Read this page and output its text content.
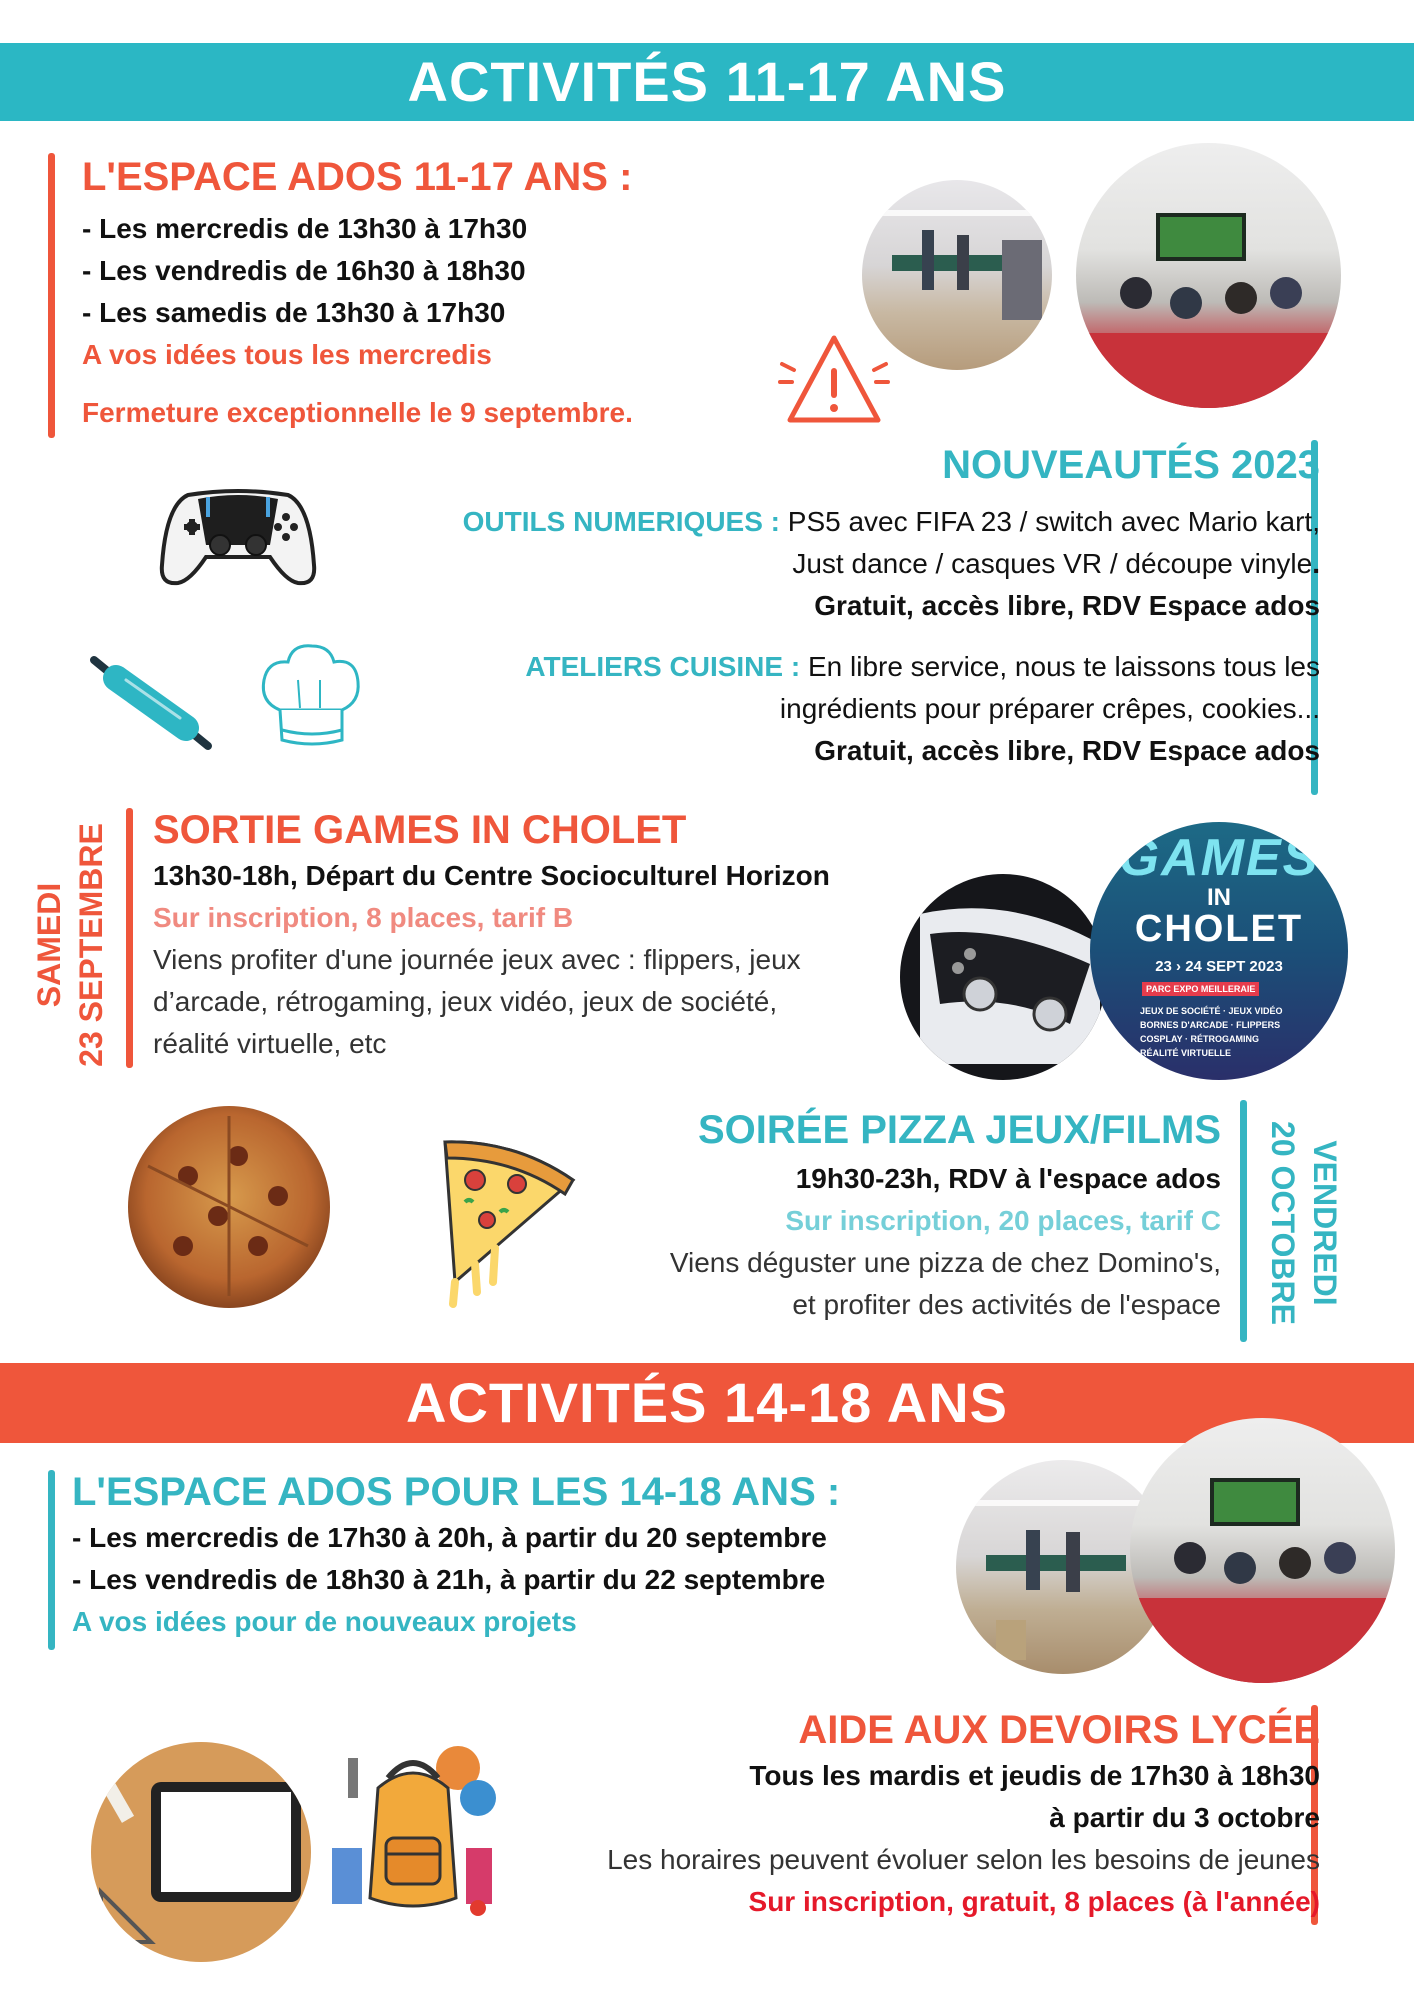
ACTIVITÉS 11-17 ANS
L'ESPACE ADOS 11-17 ANS :
- Les mercredis de 13h30 à 17h30
- Les vendredis de 16h30 à 18h30
- Les samedis de 13h30 à 17h30
A vos idées tous les mercredis
Fermeture exceptionnelle le 9 septembre.
NOUVEAUTÉS 2023
OUTILS NUMERIQUES : PS5 avec FIFA 23 / switch avec Mario kart,
Just dance / casques VR / découpe vinyle.
Gratuit, accès libre, RDV Espace ados
ATELIERS CUISINE : En libre service, nous te laissons tous les
ingrédients pour préparer crêpes, cookies...
Gratuit, accès libre, RDV Espace ados
SAMEDI 23 SEPTEMBRE SORTIE GAMES IN CHOLET
13h30-18h, Départ du Centre Socioculturel Horizon
Sur inscription, 8 places, tarif B
Viens profiter d'une journée jeux avec : flippers, jeux
d’arcade, rétrogaming, jeux vidéo, jeux de société,
réalité virtuelle, etc
GAMES
IN
CHOLET
23 › 24 SEPT 2023
PARC EXPO MEILLERAIE
JEUX DE SOCIÉTÉ · JEUX VIDÉO
BORNES D'ARCADE · FLIPPERS
COSPLAY · RÉTROGAMING
RÉALITÉ VIRTUELLE
SOIRÉE PIZZA JEUX/FILMS
19h30-23h, RDV à l'espace ados
Sur inscription, 20 places, tarif C
Viens déguster une pizza de chez Domino's,
et profiter des activités de l'espace	VENDREDI
20 OCTOBRE
ACTIVITÉS 14-18 ANS
L'ESPACE ADOS POUR LES 14-18 ANS :
- Les mercredis de 17h30 à 20h, à partir du 20 septembre
- Les vendredis de 18h30 à 21h, à partir du 22 septembre
A vos idées pour de nouveaux projets
AIDE AUX DEVOIRS LYCÉE
Tous les mardis et jeudis de 17h30 à 18h30
à partir du 3 octobre
Les horaires peuvent évoluer selon les besoins de jeunes
Sur inscription, gratuit, 8 places (à l'année)
